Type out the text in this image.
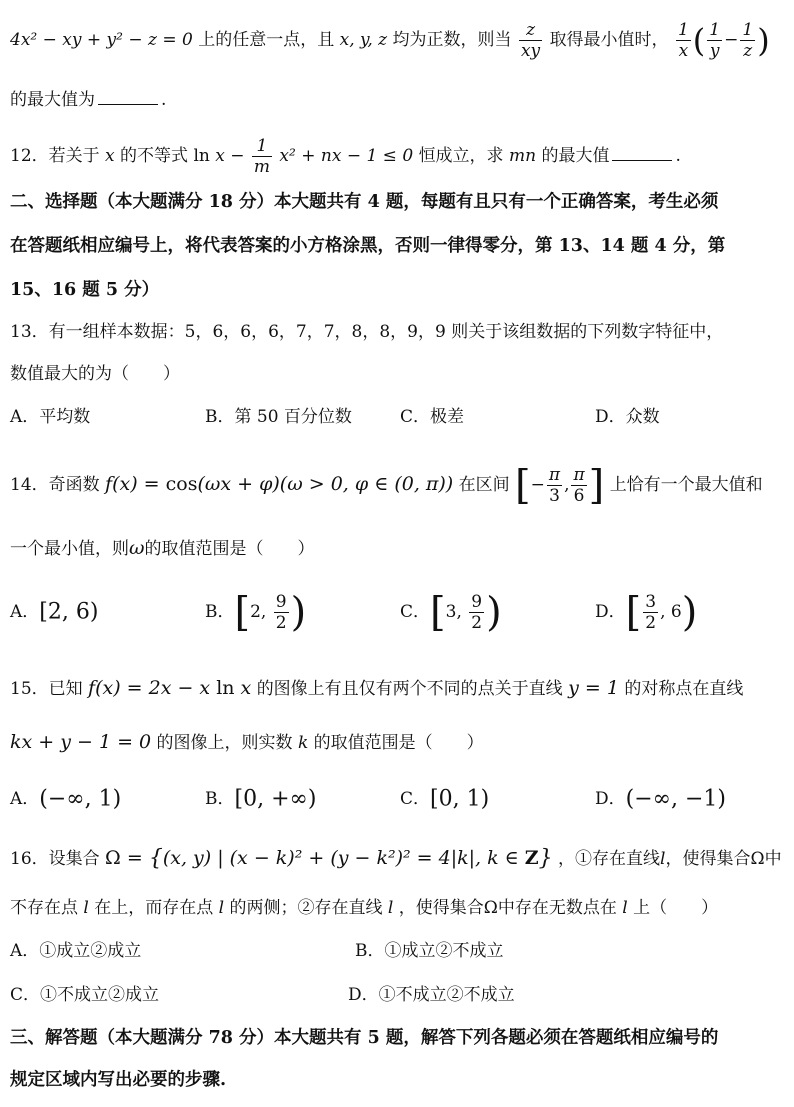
4x² − xy + y² − z = 0 上的任意一点，且 x, y, z 均为正数，则当 $\frac{z}{xy}$ 取得最小值时， $\frac{1}{x}$ ( $\frac{1}{y} - \frac{1}{z}$ )
的最大值为	.
12．若关于 x 的不等式 $\ln x - \frac{1}{m} x^2$ + nx − 1 ≤ 0 恒成立，求 mn 的最大值	.
二、选择题（本大题满分 18 分）本大题共有 4 题，每题有且只有一个正确答案，考生必须
在答题纸相应编号上，将代表答案的小方格涂黑，否则一律得零分，第 13、14 题 4 分，第
15、16 题 5 分）
13．有一组样本数据：5，6，6，6，7，7，8，8，9，9 则关于该组数据的下列数字特征中，
数值最大的为（　　）
A．平均数	B．第 50 百分位数	C．极差	D．众数
14．奇函数 f(x) = cos(ωx + φ)(ω > 0, φ ∈ (0, π)) 在区间 [− $\frac{\pi}{3}$ , $\frac{\pi}{6}$ ] 上恰有一个最大值和
一个最小值，则ω的取值范围是（　　）
A．[2, 6)	B．[2, $\frac{9}{2}$ )	C．[3, $\frac{9}{2}$ )	D．[ $\frac{3}{2}$ , 6)
15．已知 f(x) = 2x − x ln x 的图像上有且仅有两个不同的点关于直线 y = 1 的对称点在直线
kx + y − 1 = 0 的图像上，则实数 k 的取值范围是（　　）
A．(−∞, 1)	B．[0, +∞)	C．[0, 1)	D．(−∞, −1)
16．设集合 Ω = {(x, y) | (x − k)² + (y − k²)² = 4|k|, k ∈ Z} ，①存在直线l，使得集合Ω中
不存在点 l 在上，而存在点 l 的两侧；②存在直线 l ，使得集合Ω中存在无数点在 l 上（　　）
A．①成立②成立	B．①成立②不成立
C．①不成立②成立	D．①不成立②不成立
三、解答题（本大题满分 78 分）本大题共有 5 题，解答下列各题必须在答题纸相应编号的
规定区域内写出必要的步骤.
